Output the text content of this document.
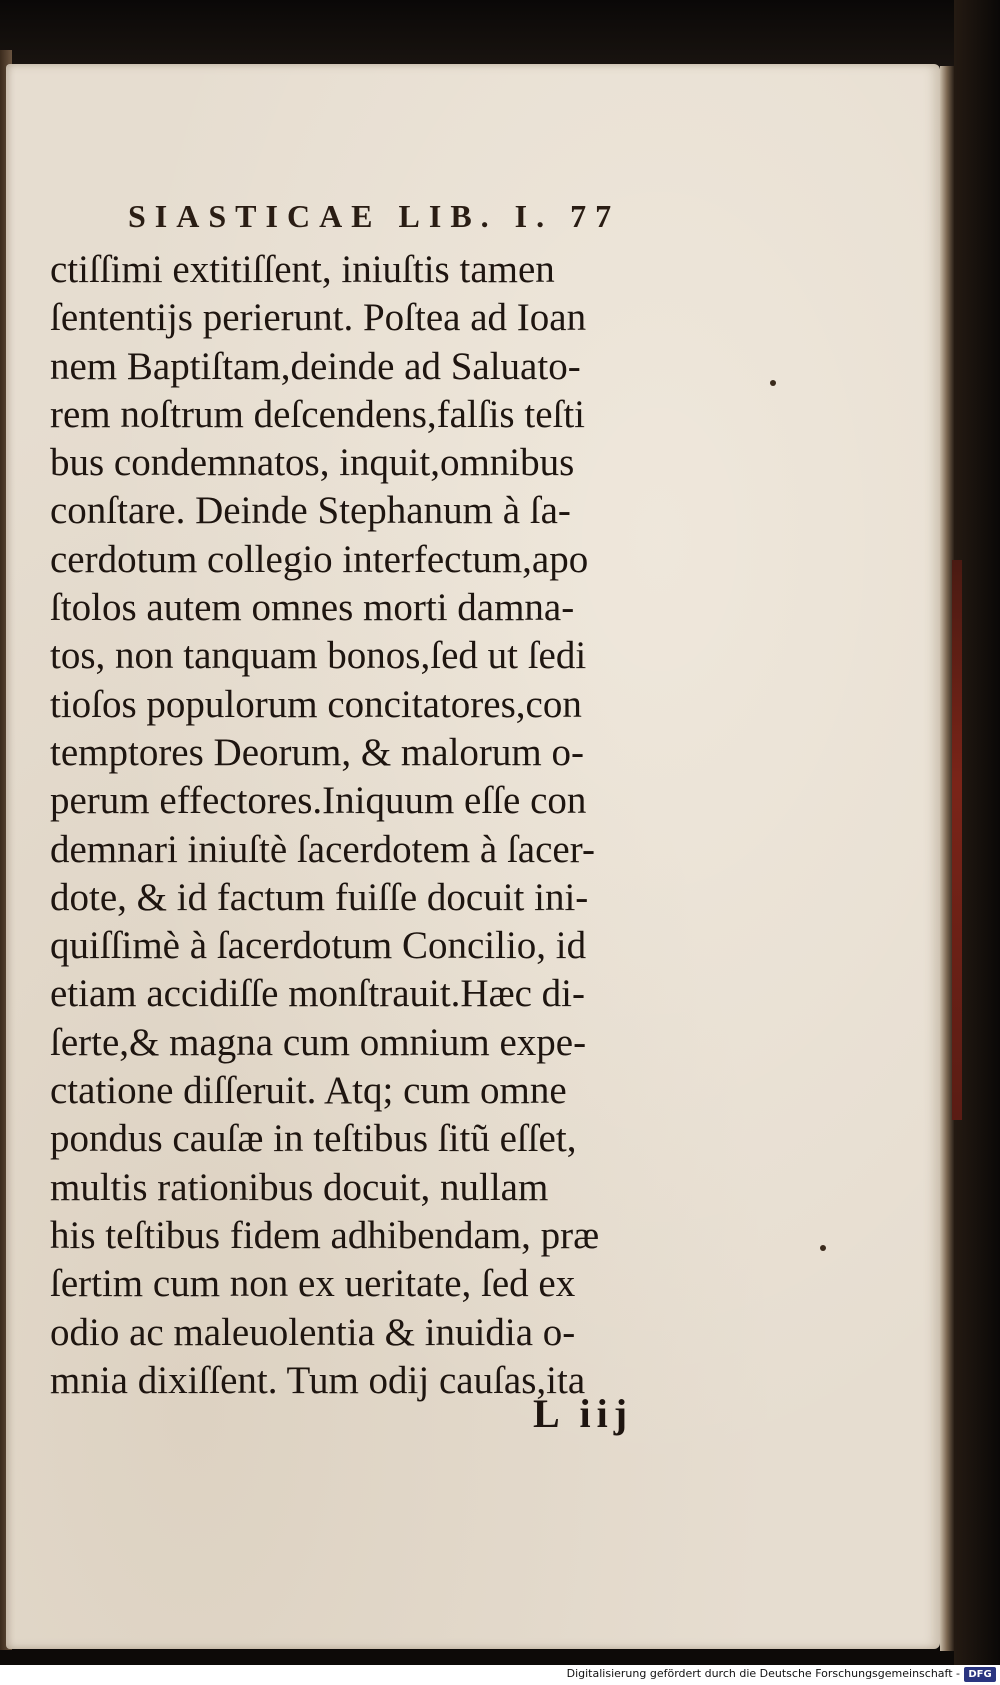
SIASTICAE LIB. I. 77
ctiſſimi extitiſſent, iniuſtis tamen
ſententijs perierunt. Poſtea ad Ioan
nem Baptiſtam,deinde ad Saluato-
rem noſtrum deſcendens,falſis teſti
bus condemnatos, inquit,omnibus
conſtare. Deinde Stephanum à ſa-
cerdotum collegio interfectum,apo
ſtolos autem omnes morti damna-
tos, non tanquam bonos,ſed ut ſedi
tioſos populorum concitatores,con
temptores Deorum, & malorum o-
perum effectores.Iniquum eſſe con
demnari iniuſtè ſacerdotem à ſacer-
dote, & id factum fuiſſe docuit ini-
quiſſimè à ſacerdotum Concilio, id
etiam accidiſſe monſtrauit.Hæc di-
ſerte,& magna cum omnium expe-
ctatione diſſeruit. Atq; cum omne
pondus cauſæ in teſtibus ſitũ eſſet,
multis rationibus docuit, nullam
his teſtibus fidem adhibendam, præ
ſertim cum non ex ueritate, ſed ex
odio ac maleuolentia & inuidia o-
mnia dixiſſent. Tum odij cauſas,ita
L iij
Digitalisierung gefördert durch die Deutsche Forschungsgemeinschaft - DFG
